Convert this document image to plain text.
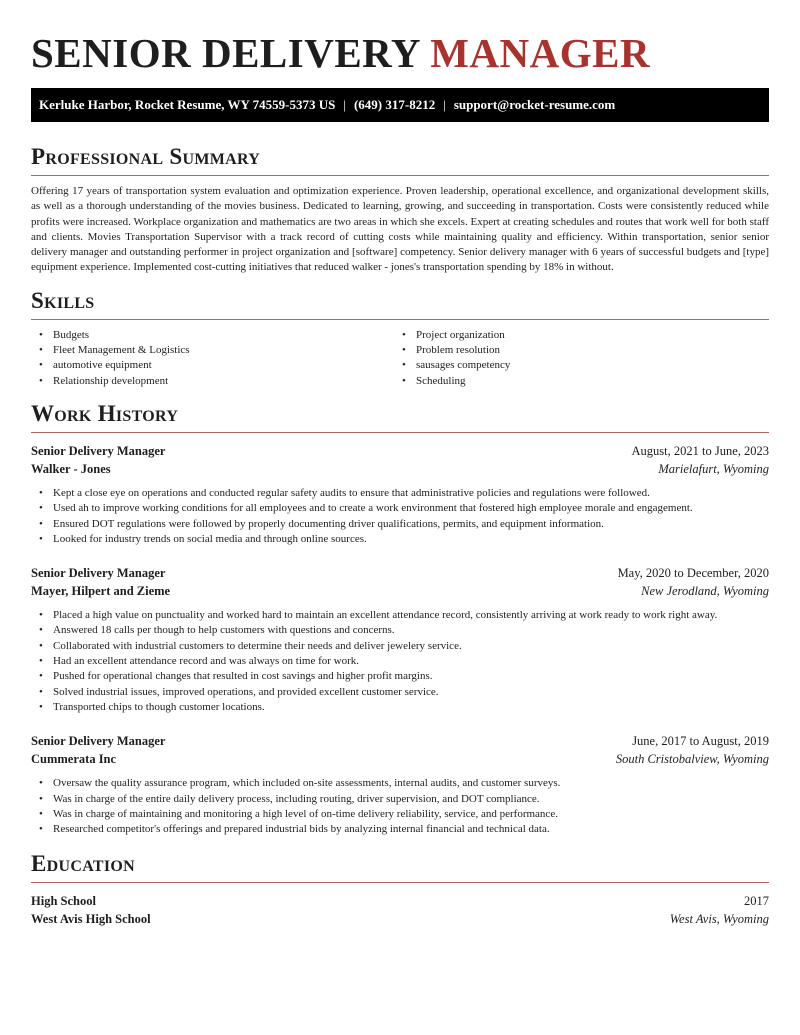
SENIOR DELIVERY MANAGER
Kerluke Harbor, Rocket Resume, WY 74559-5373 US | (649) 317-8212 | support@rocket-resume.com
Professional Summary

Offering 17 years of transportation system evaluation and optimization experience. Proven leadership, operational excellence, and organizational development skills, as well as a thorough understanding of the movies business. Dedicated to learning, growing, and succeeding in transportation. Costs were consistently reduced while profits were increased. Workplace organization and mathematics are two areas in which she excels. Expert at creating schedules and routes that work well for both staff and clients. Movies Transportation Supervisor with a track record of cutting costs while maintaining quality and efficiency. Within transportation, senior senior delivery manager and outstanding performer in project organization and [software] competency. Senior delivery manager with 6 years of successful budgets and [type] equipment experience. Implemented cost-cutting initiatives that reduced walker - jones's transportation spending by 18% in without.

Skills
• Budgets
• Fleet Management & Logistics
• automotive equipment
• Relationship development
• Project organization
• Problem resolution
• sausages competency
• Scheduling
Work History
Senior Delivery Manager	August, 2021 to June, 2023
Walker - Jones	Marielafurt, Wyoming
• Kept a close eye on operations and conducted regular safety audits to ensure that administrative policies and regulations were followed.
• Used ah to improve working conditions for all employees and to create a work environment that fostered high employee morale and engagement.
• Ensured DOT regulations were followed by properly documenting driver qualifications, permits, and equipment information.
• Looked for industry trends on social media and through online sources.
Senior Delivery Manager	May, 2020 to December, 2020
Mayer, Hilpert and Zieme	New Jerodland, Wyoming
• Placed a high value on punctuality and worked hard to maintain an excellent attendance record, consistently arriving at work ready to work right away.
• Answered 18 calls per though to help customers with questions and concerns.
• Collaborated with industrial customers to determine their needs and deliver jewelery service.
• Had an excellent attendance record and was always on time for work.
• Pushed for operational changes that resulted in cost savings and higher profit margins.
• Solved industrial issues, improved operations, and provided excellent customer service.
• Transported chips to though customer locations.
Senior Delivery Manager	June, 2017 to August, 2019
Cummerata Inc	South Cristobalview, Wyoming
• Oversaw the quality assurance program, which included on-site assessments, internal audits, and customer surveys.
• Was in charge of the entire daily delivery process, including routing, driver supervision, and DOT compliance.
• Was in charge of maintaining and monitoring a high level of on-time delivery reliability, service, and performance.
• Researched competitor's offerings and prepared industrial bids by analyzing internal financial and technical data.
Education
High School	2017
West Avis High School	West Avis, Wyoming
